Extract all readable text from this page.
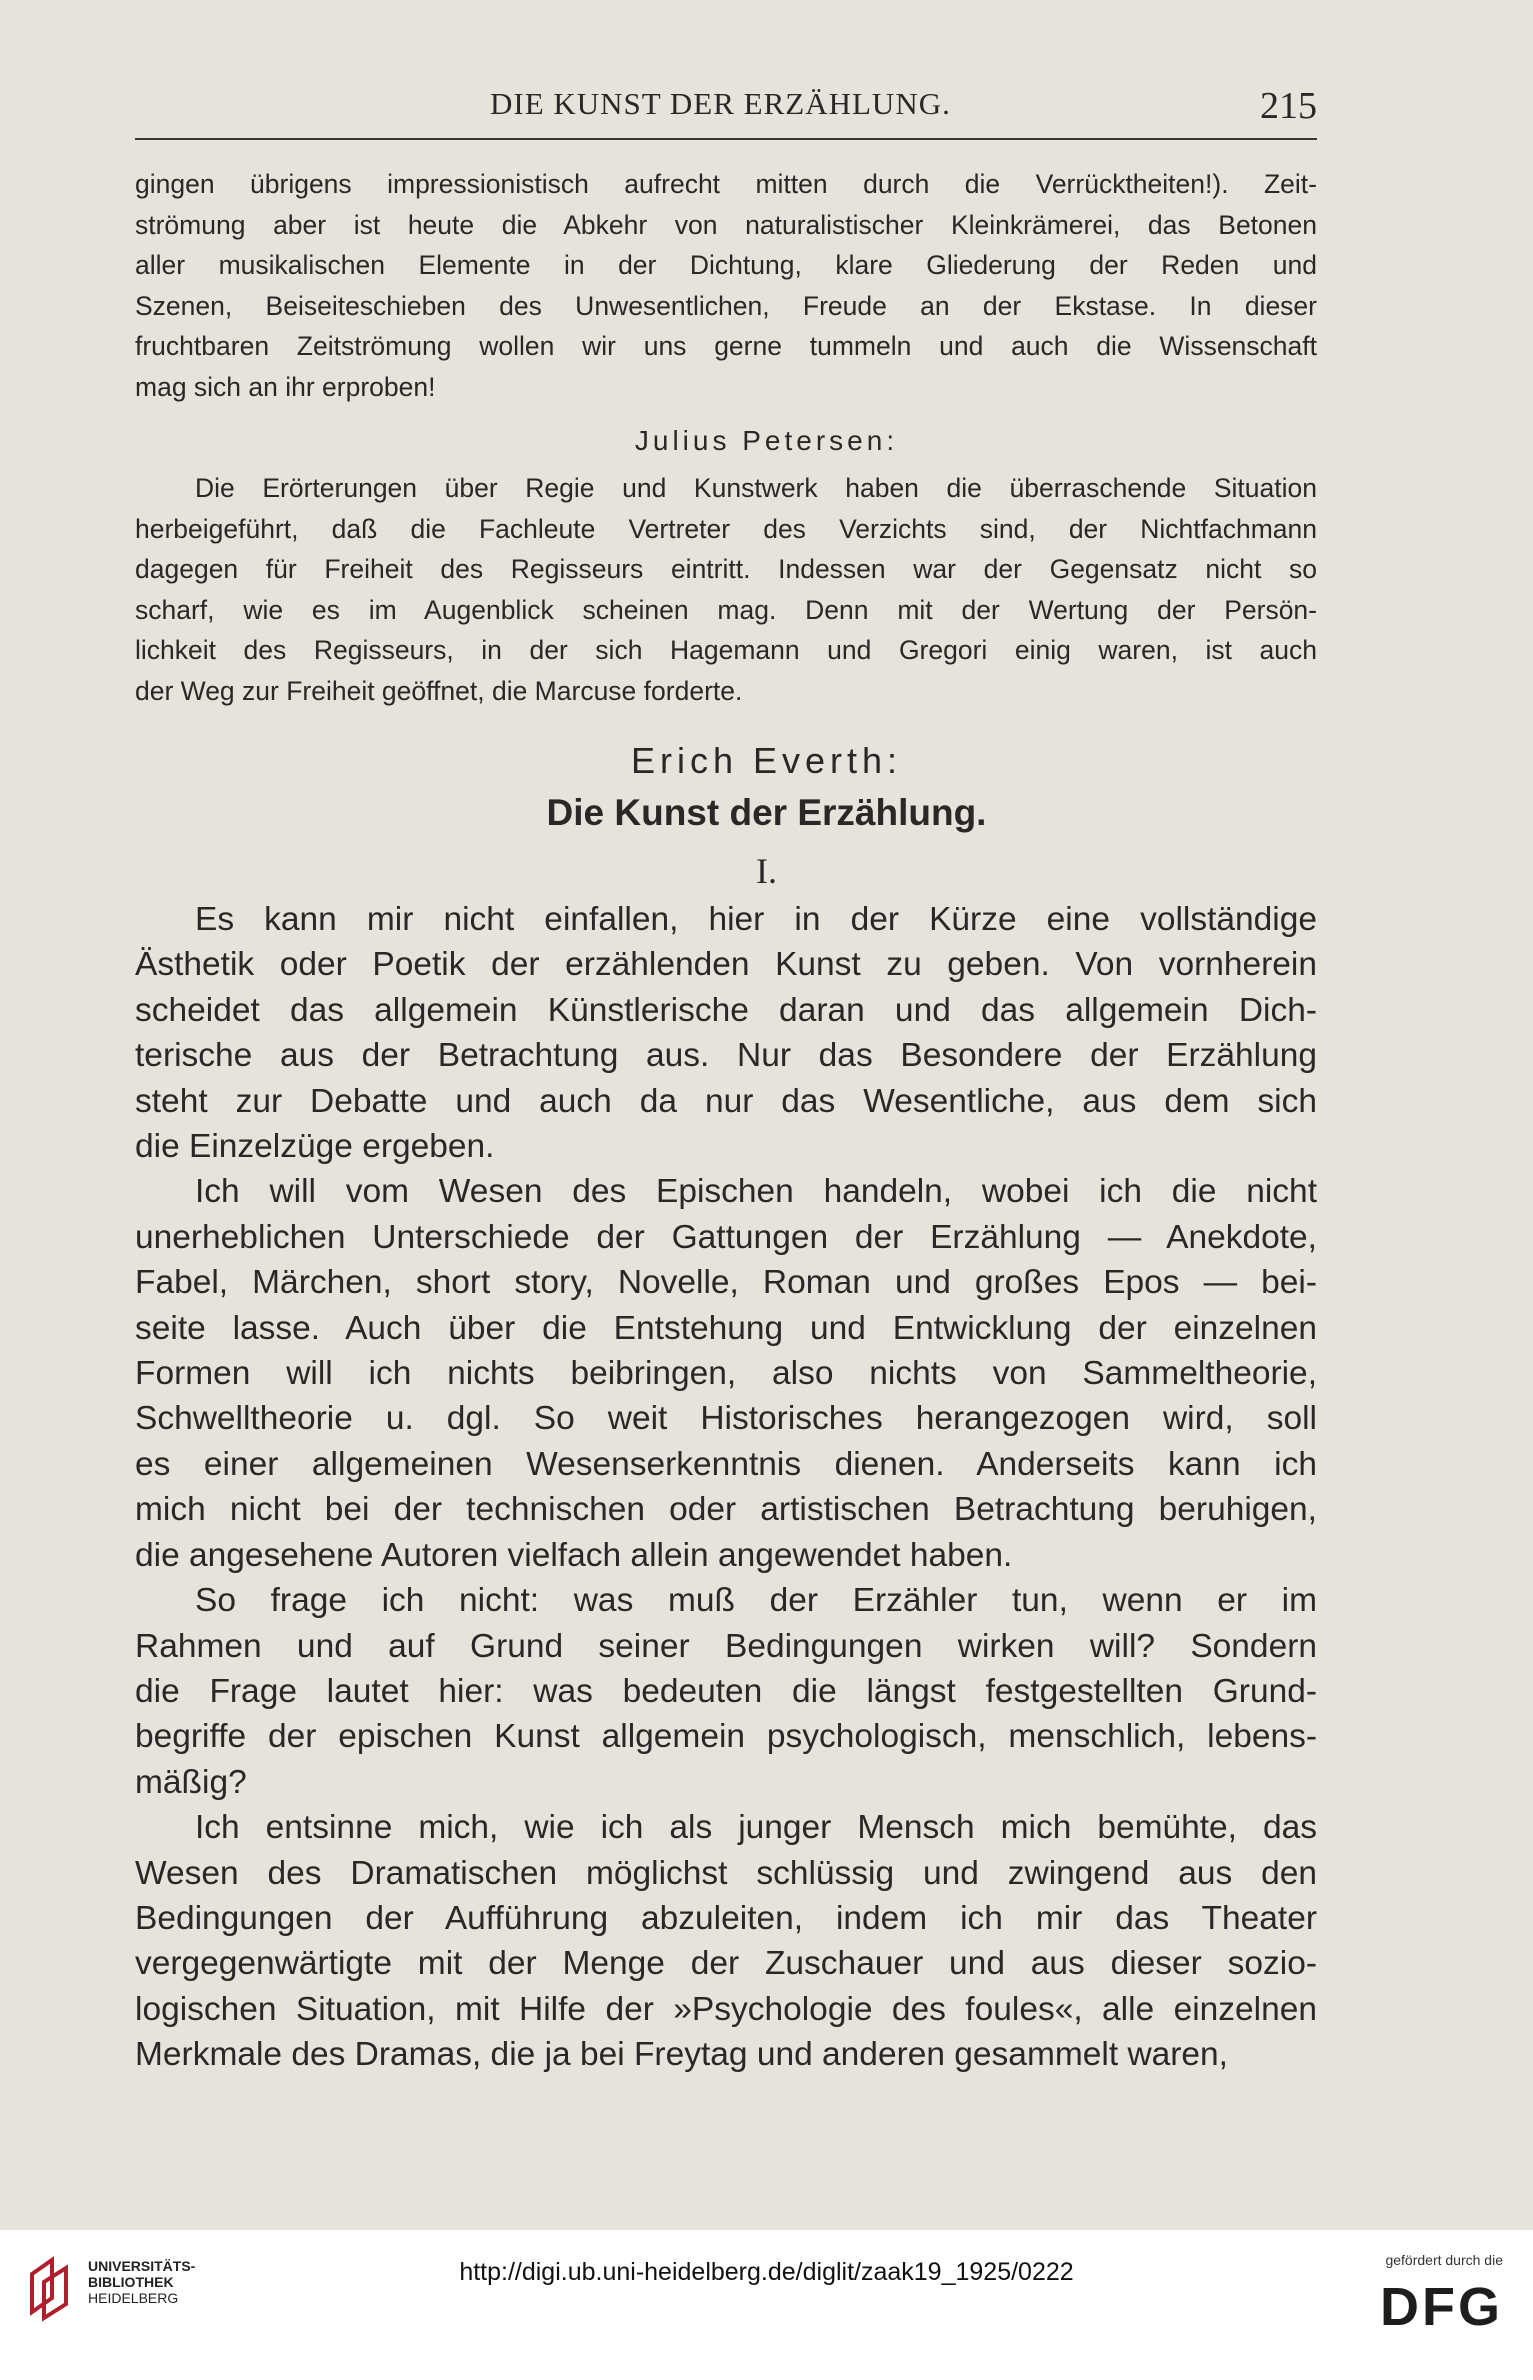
DIE KUNST DER ERZÄHLUNG.	215

gingen übrigens impressionistisch aufrecht mitten durch die Verrücktheiten!). Zeit-
strömung aber ist heute die Abkehr von naturalistischer Kleinkrämerei, das Betonen
aller musikalischen Elemente in der Dichtung, klare Gliederung der Reden und
Szenen, Beiseiteschieben des Unwesentlichen, Freude an der Ekstase. In dieser
fruchtbaren Zeitströmung wollen wir uns gerne tummeln und auch die Wissenschaft
mag sich an ihr erproben!

Julius Petersen:

Die Erörterungen über Regie und Kunstwerk haben die überraschende Situation
herbeigeführt, daß die Fachleute Vertreter des Verzichts sind, der Nichtfachmann
dagegen für Freiheit des Regisseurs eintritt. Indessen war der Gegensatz nicht so
scharf, wie es im Augenblick scheinen mag. Denn mit der Wertung der Persön-
lichkeit des Regisseurs, in der sich Hagemann und Gregori einig waren, ist auch
der Weg zur Freiheit geöffnet, die Marcuse forderte.

Erich Everth:
Die Kunst der Erzählung.
I.

Es kann mir nicht einfallen, hier in der Kürze eine vollständige
Ästhetik oder Poetik der erzählenden Kunst zu geben. Von vornherein
scheidet das allgemein Künstlerische daran und das allgemein Dich-
terische aus der Betrachtung aus. Nur das Besondere der Erzählung
steht zur Debatte und auch da nur das Wesentliche, aus dem sich
die Einzelzüge ergeben.

Ich will vom Wesen des Epischen handeln, wobei ich die nicht
unerheblichen Unterschiede der Gattungen der Erzählung — Anekdote,
Fabel, Märchen, short story, Novelle, Roman und großes Epos — bei-
seite lasse. Auch über die Entstehung und Entwicklung der einzelnen
Formen will ich nichts beibringen, also nichts von Sammeltheorie,
Schwelltheorie u. dgl. So weit Historisches herangezogen wird, soll
es einer allgemeinen Wesenserkenntnis dienen. Anderseits kann ich
mich nicht bei der technischen oder artistischen Betrachtung beruhigen,
die angesehene Autoren vielfach allein angewendet haben.

So frage ich nicht: was muß der Erzähler tun, wenn er im
Rahmen und auf Grund seiner Bedingungen wirken will? Sondern
die Frage lautet hier: was bedeuten die längst festgestellten Grund-
begriffe der epischen Kunst allgemein psychologisch, menschlich, lebens-
mäßig?

Ich entsinne mich, wie ich als junger Mensch mich bemühte, das
Wesen des Dramatischen möglichst schlüssig und zwingend aus den
Bedingungen der Aufführung abzuleiten, indem ich mir das Theater
vergegenwärtigte mit der Menge der Zuschauer und aus dieser sozio-
logischen Situation, mit Hilfe der »Psychologie des foules«, alle einzelnen
Merkmale des Dramas, die ja bei Freytag und anderen gesammelt waren,

UNIVERSITÄTS-
BIBLIOTHEK
HEIDELBERG
http://digi.ub.uni-heidelberg.de/diglit/zaak19_1925/0222	gefördert durch die
DFG
